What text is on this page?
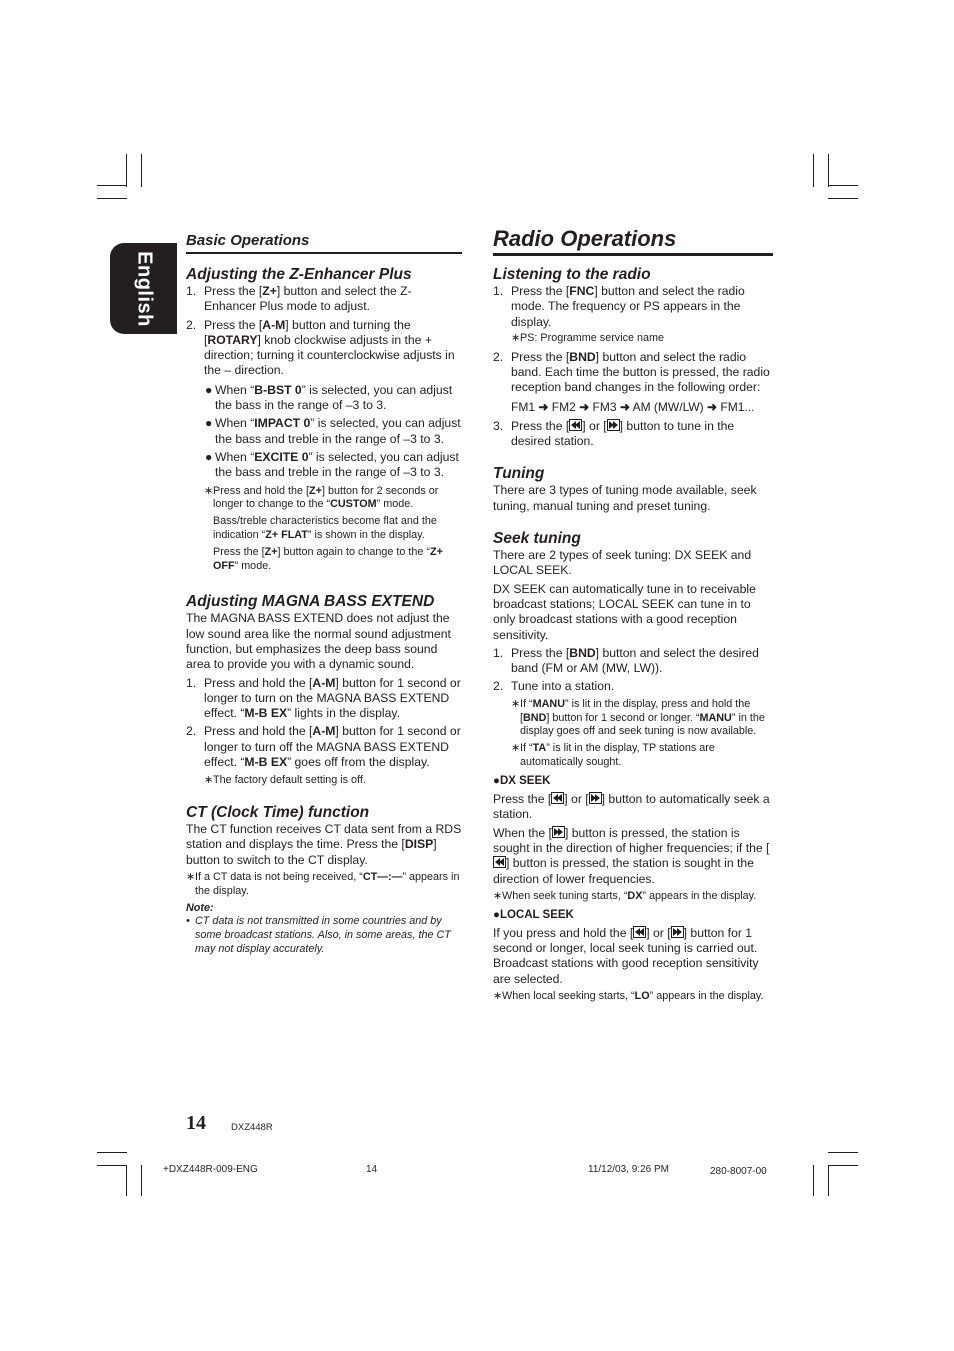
English
Basic Operations
Adjusting the Z-Enhancer Plus
1. Press the [Z+] button and select the Z-Enhancer Plus mode to adjust.
2. Press the [A-M] button and turning the [ROTARY] knob clockwise adjusts in the + direction; turning it counterclockwise adjusts in the – direction.
● When “B-BST 0” is selected, you can adjust the bass in the range of –3 to 3.
● When “IMPACT 0” is selected, you can adjust the bass and treble in the range of –3 to 3.
● When “EXCITE 0” is selected, you can adjust the bass and treble in the range of –3 to 3.
∗ Press and hold the [Z+] button for 2 seconds or longer to change to the “CUSTOM” mode.
Bass/treble characteristics become flat and the indication “Z+ FLAT” is shown in the display.
Press the [Z+] button again to change to the “Z+ OFF” mode.
Adjusting MAGNA BASS EXTEND

The MAGNA BASS EXTEND does not adjust the low sound area like the normal sound adjustment function, but emphasizes the deep bass sound area to provide you with a dynamic sound.

1. Press and hold the [A-M] button for 1 second or longer to turn on the MAGNA BASS EXTEND effect. “M-B EX” lights in the display.
2. Press and hold the [A-M] button for 1 second or longer to turn off the MAGNA BASS EXTEND effect. “M-B EX” goes off from the display.
∗ The factory default setting is off.
CT (Clock Time) function

The CT function receives CT data sent from a RDS station and displays the time. Press the [DISP] button to switch to the CT display.

∗ If a CT data is not being received, “CT—:—” appears in the display.
Note:
• CT data is not transmitted in some countries and by some broadcast stations. Also, in some areas, the CT may not display accurately.
Radio Operations
Listening to the radio
1. Press the [FNC] button and select the radio mode. The frequency or PS appears in the display.
∗ PS: Programme service name
2. Press the [BND] button and select the radio band. Each time the button is pressed, the radio reception band changes in the following order:
FM1 ➜ FM2 ➜ FM3 ➜ AM (MW/LW) ➜ FM1...
3. Press the [ ] or [ ] button to tune in the desired station.
Tuning

There are 3 types of tuning mode available, seek tuning, manual tuning and preset tuning.

Seek tuning

There are 2 types of seek tuning: DX SEEK and LOCAL SEEK.

DX SEEK can automatically tune in to receivable broadcast stations; LOCAL SEEK can tune in to only broadcast stations with a good reception sensitivity.

1. Press the [BND] button and select the desired band (FM or AM (MW, LW)).
2. Tune into a station.
∗ If “MANU” is lit in the display, press and hold the [BND] button for 1 second or longer. “MANU” in the display goes off and seek tuning is now available.
∗ If “TA” is lit in the display, TP stations are automatically sought.
●DX SEEK

Press the [ ] or [ ] button to automatically seek a station.

When the [ ] button is pressed, the station is sought in the direction of higher frequencies; if the [] button is pressed, the station is sought in the direction of lower frequencies.

∗ When seek tuning starts, “DX” appears in the display.
●LOCAL SEEK

If you press and hold the [ ] or [ ] button for 1 second or longer, local seek tuning is carried out. Broadcast stations with good reception sensitivity are selected.

∗ When local seeking starts, “LO” appears in the display.
14	DXZ448R
+DXZ448R-009-ENG	14	11/12/03, 9:26 PM	280-8007-00
